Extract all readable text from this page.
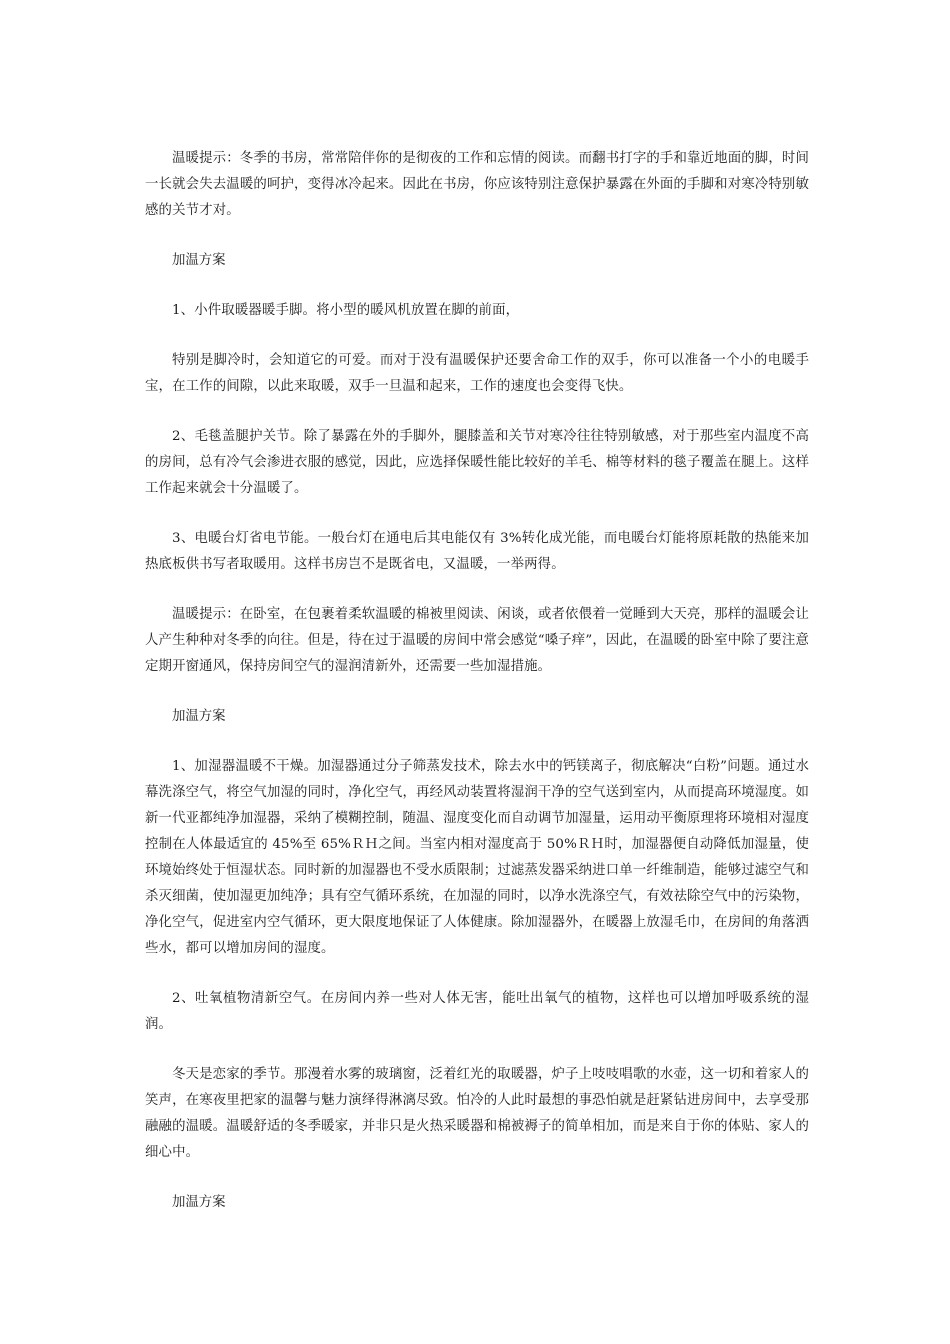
温暖提示：冬季的书房，常常陪伴你的是彻夜的工作和忘情的阅读。而翻书打字的手和靠近地面的脚，时间一长就会失去温暖的呵护，变得冰冷起来。因此在书房，你应该特别注意保护暴露在外面的手脚和对寒冷特别敏感的关节才对。

加温方案

1、小件取暖器暖手脚。将小型的暖风机放置在脚的前面，

特别是脚冷时，会知道它的可爱。而对于没有温暖保护还要舍命工作的双手，你可以准备一个小的电暖手宝，在工作的间隙，以此来取暖，双手一旦温和起来，工作的速度也会变得飞快。

2、毛毯盖腿护关节。除了暴露在外的手脚外，腿膝盖和关节对寒冷往往特别敏感，对于那些室内温度不高的房间，总有冷气会渗进衣服的感觉，因此，应选择保暖性能比较好的羊毛、棉等材料的毯子覆盖在腿上。这样工作起来就会十分温暖了。

3、电暖台灯省电节能。一般台灯在通电后其电能仅有 3%转化成光能，而电暖台灯能将原耗散的热能来加热底板供书写者取暖用。这样书房岂不是既省电，又温暖，一举两得。

温暖提示：在卧室，在包裹着柔软温暖的棉被里阅读、闲谈，或者依偎着一觉睡到大天亮，那样的温暖会让人产生种种对冬季的向往。但是，待在过于温暖的房间中常会感觉“嗓子痒”，因此，在温暖的卧室中除了要注意定期开窗通风，保持房间空气的湿润清新外，还需要一些加湿措施。

加温方案

1、加湿器温暖不干燥。加湿器通过分子筛蒸发技术，除去水中的钙镁离子，彻底解决“白粉”问题。通过水幕洗涤空气，将空气加湿的同时，净化空气，再经风动装置将湿润干净的空气送到室内，从而提高环境湿度。如新一代亚都纯净加湿器，采纳了模糊控制，随温、湿度变化而自动调节加湿量，运用动平衡原理将环境相对湿度控制在人体最适宜的 45%至 65%ＲＨ之间。当室内相对湿度高于 50%ＲＨ时，加湿器便自动降低加湿量，使环境始终处于恒湿状态。同时新的加湿器也不受水质限制；过滤蒸发器采纳进口单一纤维制造，能够过滤空气和杀灭细菌，使加湿更加纯净；具有空气循环系统，在加湿的同时，以净水洗涤空气，有效祛除空气中的污染物，净化空气，促进室内空气循环，更大限度地保证了人体健康。除加湿器外，在暖器上放湿毛巾，在房间的角落洒些水，都可以增加房间的湿度。

2、吐氧植物清新空气。在房间内养一些对人体无害，能吐出氧气的植物，这样也可以增加呼吸系统的湿润。

冬天是恋家的季节。那漫着水雾的玻璃窗，泛着红光的取暖器，炉子上吱吱唱歌的水壶，这一切和着家人的笑声，在寒夜里把家的温馨与魅力演绎得淋漓尽致。怕冷的人此时最想的事恐怕就是赶紧钻进房间中，去享受那融融的温暖。温暖舒适的冬季暖家，并非只是火热采暖器和棉被褥子的简单相加，而是来自于你的体贴、家人的细心中。

加温方案
